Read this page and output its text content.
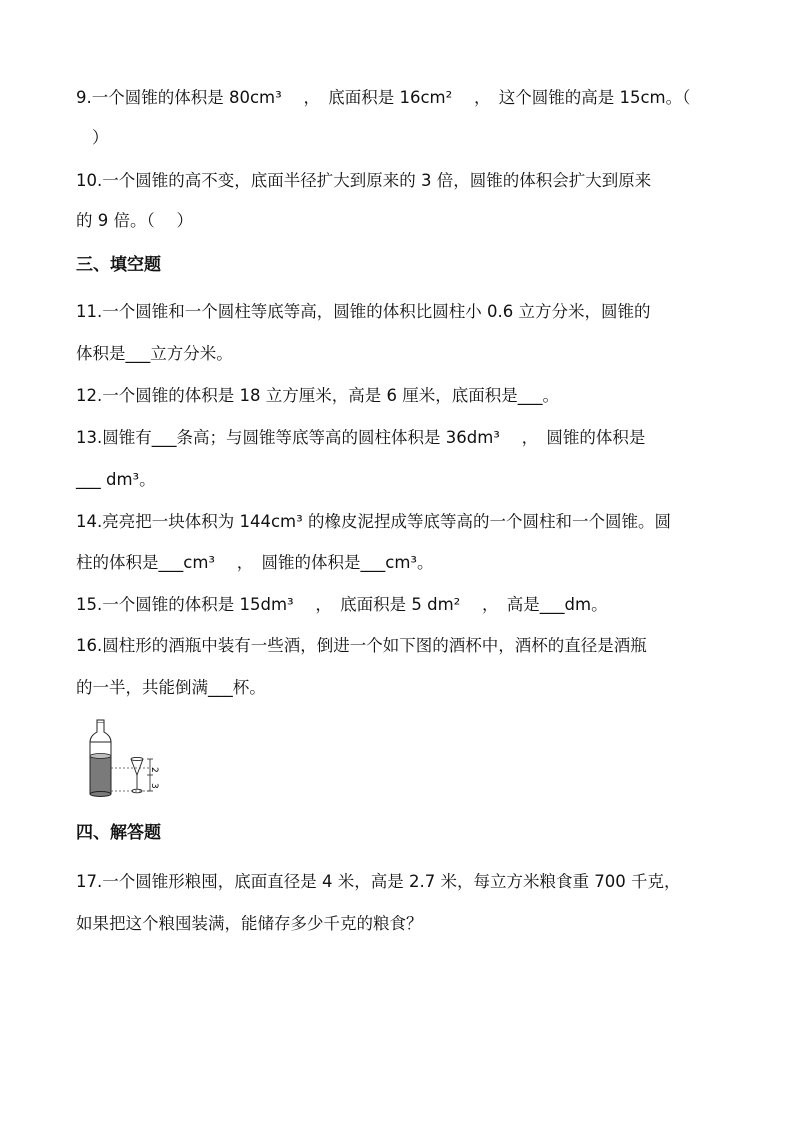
9.一个圆锥的体积是 80cm³　 ，　底面积是 16cm²　 ，　这个圆锥的高是 15cm。（
）
10.一个圆锥的高不变，底面半径扩大到原来的 3 倍，圆锥的体积会扩大到原来
的 9 倍。（　 ）
三、填空题
11.一个圆锥和一个圆柱等底等高，圆锥的体积比圆柱小 0.6 立方分米，圆锥的
体积是___立方分米。
12.一个圆锥的体积是 18 立方厘米，高是 6 厘米，底面积是___。
13.圆锥有___条高；与圆锥等底等高的圆柱体积是 36dm³　 ，　圆锥的体积是
___ dm³。
14.亮亮把一块体积为 144cm³ 的橡皮泥捏成等底等高的一个圆柱和一个圆锥。圆
柱的体积是___cm³　 ，　圆锥的体积是___cm³。
15.一个圆锥的体积是 15dm³　 ，　底面积是 5 dm²　 ，　高是___dm。
16.圆柱形的酒瓶中装有一些酒，倒进一个如下图的酒杯中，酒杯的直径是酒瓶
的一半，共能倒满___杯。
2
3
四、解答题
17.一个圆锥形粮囤，底面直径是 4 米，高是 2.7 米，每立方米粮食重 700 千克，
如果把这个粮囤装满，能储存多少千克的粮食？
